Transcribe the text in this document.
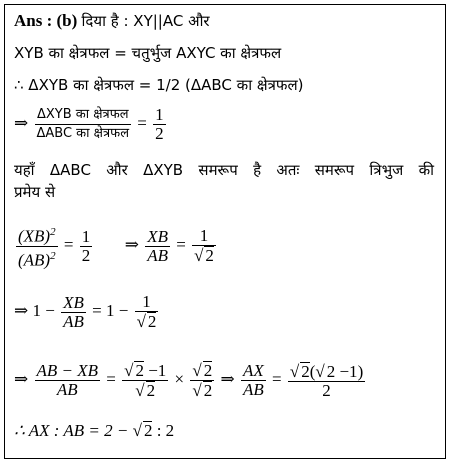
Ans : (b) दिया है : XY||AC और
XYB का क्षेत्रफल = चतुर्भुज AXYC का क्षेत्रफल
∴ ΔXYB का क्षेत्रफल = 1/2 (ΔABC का क्षेत्रफल)
⇒ $\frac{\text{ΔXYB का क्षेत्रफल}}{\text{ΔABC का क्षेत्रफल}} = \frac{1}{2}$
यहाँ ΔABC और ΔXYB समरूप है अतः समरूप त्रिभुज की
प्रमेय से
$\frac{(XB)^2}{(AB)^2} = \frac{1}{2}$ ⇒ $\frac{XB}{AB} = \frac{1}{√ 2}$
⇒ $1 - \frac{XB}{AB} = 1 - \frac{1}{√ 2}$
⇒ $\frac{AB - XB}{AB} = \frac{√ 2 -1}{√ 2} \times \frac{√ 2}{√ 2}$ ⇒ $\frac{AX}{AB} = \frac{√ 2(√ 2 -1)}{2}$
∴ AX : AB = 2 − √ 2 : 2
